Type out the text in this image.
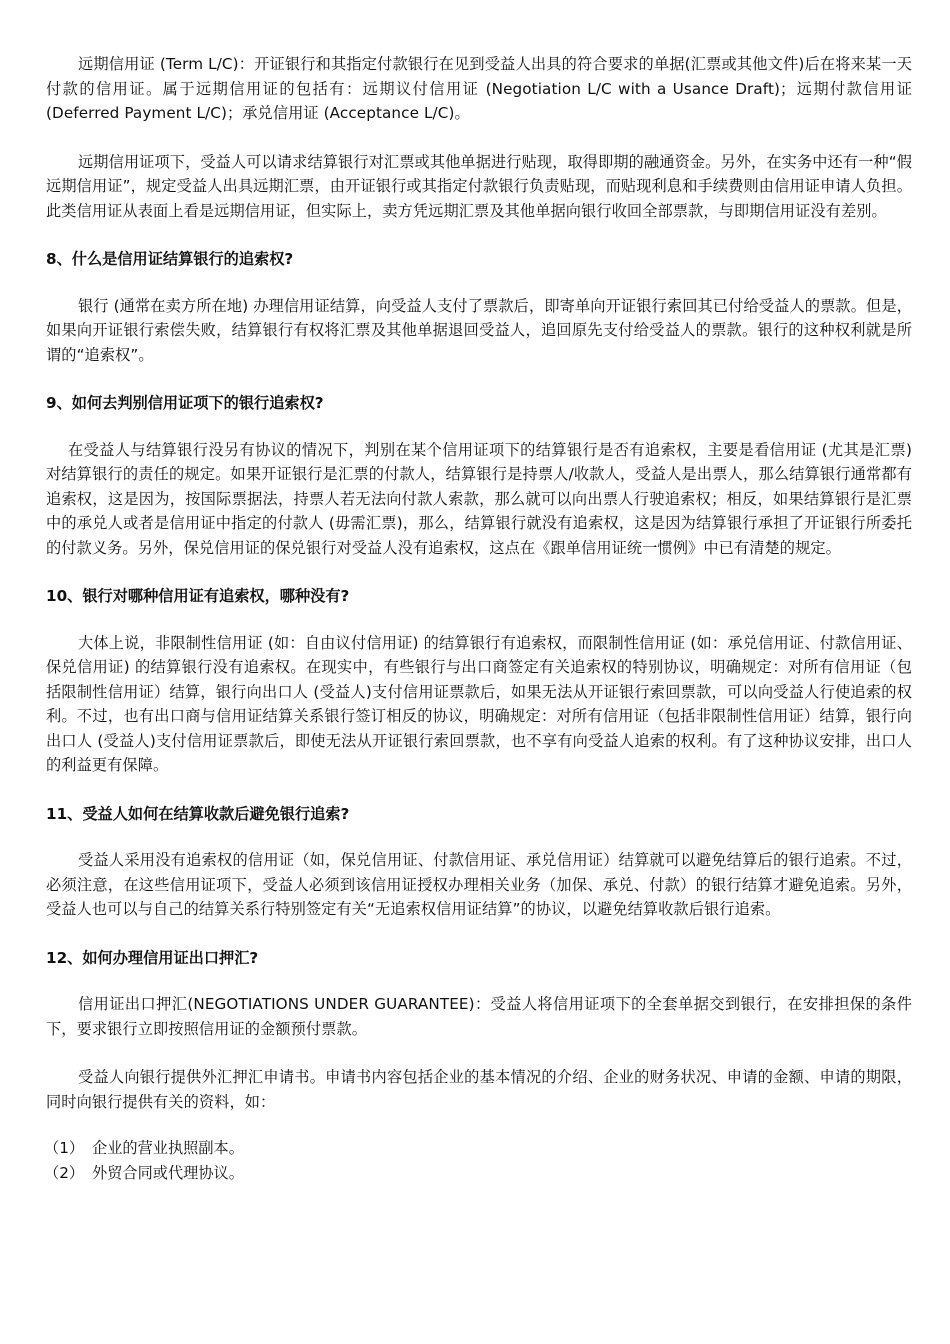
远期信用证 (Term L/C)：开证银行和其指定付款银行在见到受益人出具的符合要求的单据(汇票或其他文件)后在将来某一天付款的信用证。属于远期信用证的包括有：远期议付信用证 (Negotiation L/C with a Usance Draft)；远期付款信用证 (Deferred Payment L/C)；承兑信用证 (Acceptance L/C)。

远期信用证项下，受益人可以请求结算银行对汇票或其他单据进行贴现，取得即期的融通资金。另外，在实务中还有一种“假远期信用证”，规定受益人出具远期汇票，由开证银行或其指定付款银行负责贴现，而贴现利息和手续费则由信用证申请人负担。此类信用证从表面上看是远期信用证，但实际上，卖方凭远期汇票及其他单据向银行收回全部票款，与即期信用证没有差别。

8、什么是信用证结算银行的追索权?

银行 (通常在卖方所在地) 办理信用证结算，向受益人支付了票款后，即寄单向开证银行索回其已付给受益人的票款。但是，如果向开证银行索偿失败，结算银行有权将汇票及其他单据退回受益人，追回原先支付给受益人的票款。银行的这种权利就是所谓的“追索权”。

9、如何去判别信用证项下的银行追索权?

在受益人与结算银行没另有协议的情况下，判别在某个信用证项下的结算银行是否有追索权，主要是看信用证 (尤其是汇票) 对结算银行的责任的规定。如果开证银行是汇票的付款人，结算银行是持票人/收款人，受益人是出票人，那么结算银行通常都有追索权，这是因为，按国际票据法，持票人若无法向付款人索款，那么就可以向出票人行驶追索权；相反，如果结算银行是汇票中的承兑人或者是信用证中指定的付款人 (毋需汇票)，那么，结算银行就没有追索权，这是因为结算银行承担了开证银行所委托的付款义务。另外，保兑信用证的保兑银行对受益人没有追索权，这点在《跟单信用证统一惯例》中已有清楚的规定。

10、银行对哪种信用证有追索权，哪种没有?

大体上说，非限制性信用证 (如：自由议付信用证) 的结算银行有追索权，而限制性信用证 (如：承兑信用证、付款信用证、保兑信用证) 的结算银行没有追索权。在现实中，有些银行与出口商签定有关追索权的特别协议，明确规定：对所有信用证（包括限制性信用证）结算，银行向出口人 (受益人)支付信用证票款后，如果无法从开证银行索回票款，可以向受益人行使追索的权利。不过，也有出口商与信用证结算关系银行签订相反的协议，明确规定：对所有信用证（包括非限制性信用证）结算，银行向出口人 (受益人)支付信用证票款后，即使无法从开证银行索回票款，也不享有向受益人追索的权利。有了这种协议安排，出口人的利益更有保障。

11、受益人如何在结算收款后避免银行追索?

受益人采用没有追索权的信用证（如，保兑信用证、付款信用证、承兑信用证）结算就可以避免结算后的银行追索。不过，必须注意，在这些信用证项下，受益人必须到该信用证授权办理相关业务（加保、承兑、付款）的银行结算才避免追索。另外，受益人也可以与自己的结算关系行特别签定有关“无追索权信用证结算”的协议，以避免结算收款后银行追索。

12、如何办理信用证出口押汇?

信用证出口押汇(NEGOTIATIONS UNDER GUARANTEE)：受益人将信用证项下的全套单据交到银行，在安排担保的条件下，要求银行立即按照信用证的金额预付票款。

受益人向银行提供外汇押汇申请书。申请书内容包括企业的基本情况的介绍、企业的财务状况、申请的金额、申请的期限，同时向银行提供有关的资料，如：

（1） 企业的营业执照副本。
（2） 外贸合同或代理协议。
